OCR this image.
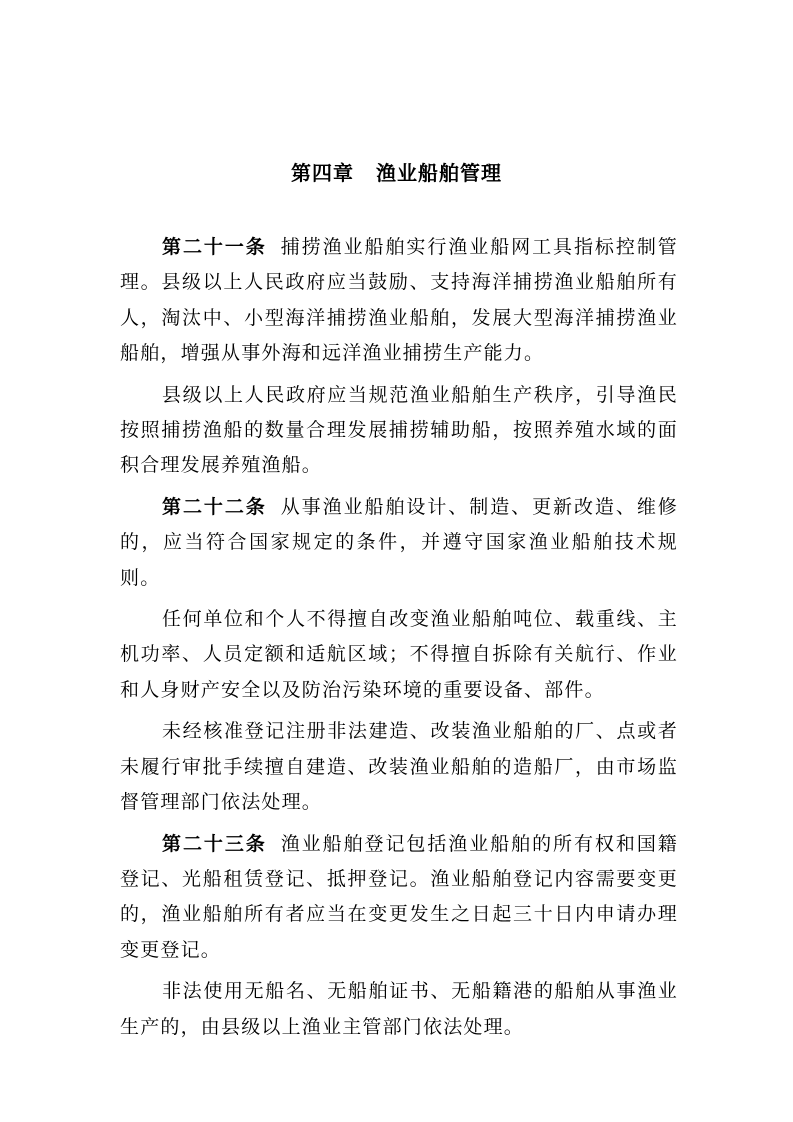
第四章 渔业船舶管理

第二十一条 捕捞渔业船舶实行渔业船网工具指标控制管理。县级以上人民政府应当鼓励、支持海洋捕捞渔业船舶所有人，淘汰中、小型海洋捕捞渔业船舶，发展大型海洋捕捞渔业船舶，增强从事外海和远洋渔业捕捞生产能力。

县级以上人民政府应当规范渔业船舶生产秩序，引导渔民按照捕捞渔船的数量合理发展捕捞辅助船，按照养殖水域的面积合理发展养殖渔船。

第二十二条 从事渔业船舶设计、制造、更新改造、维修的，应当符合国家规定的条件，并遵守国家渔业船舶技术规则。

任何单位和个人不得擅自改变渔业船舶吨位、载重线、主机功率、人员定额和适航区域；不得擅自拆除有关航行、作业和人身财产安全以及防治污染环境的重要设备、部件。

未经核准登记注册非法建造、改装渔业船舶的厂、点或者未履行审批手续擅自建造、改装渔业船舶的造船厂，由市场监督管理部门依法处理。

第二十三条 渔业船舶登记包括渔业船舶的所有权和国籍登记、光船租赁登记、抵押登记。渔业船舶登记内容需要变更的，渔业船舶所有者应当在变更发生之日起三十日内申请办理变更登记。

非法使用无船名、无船舶证书、无船籍港的船舶从事渔业生产的，由县级以上渔业主管部门依法处理。
